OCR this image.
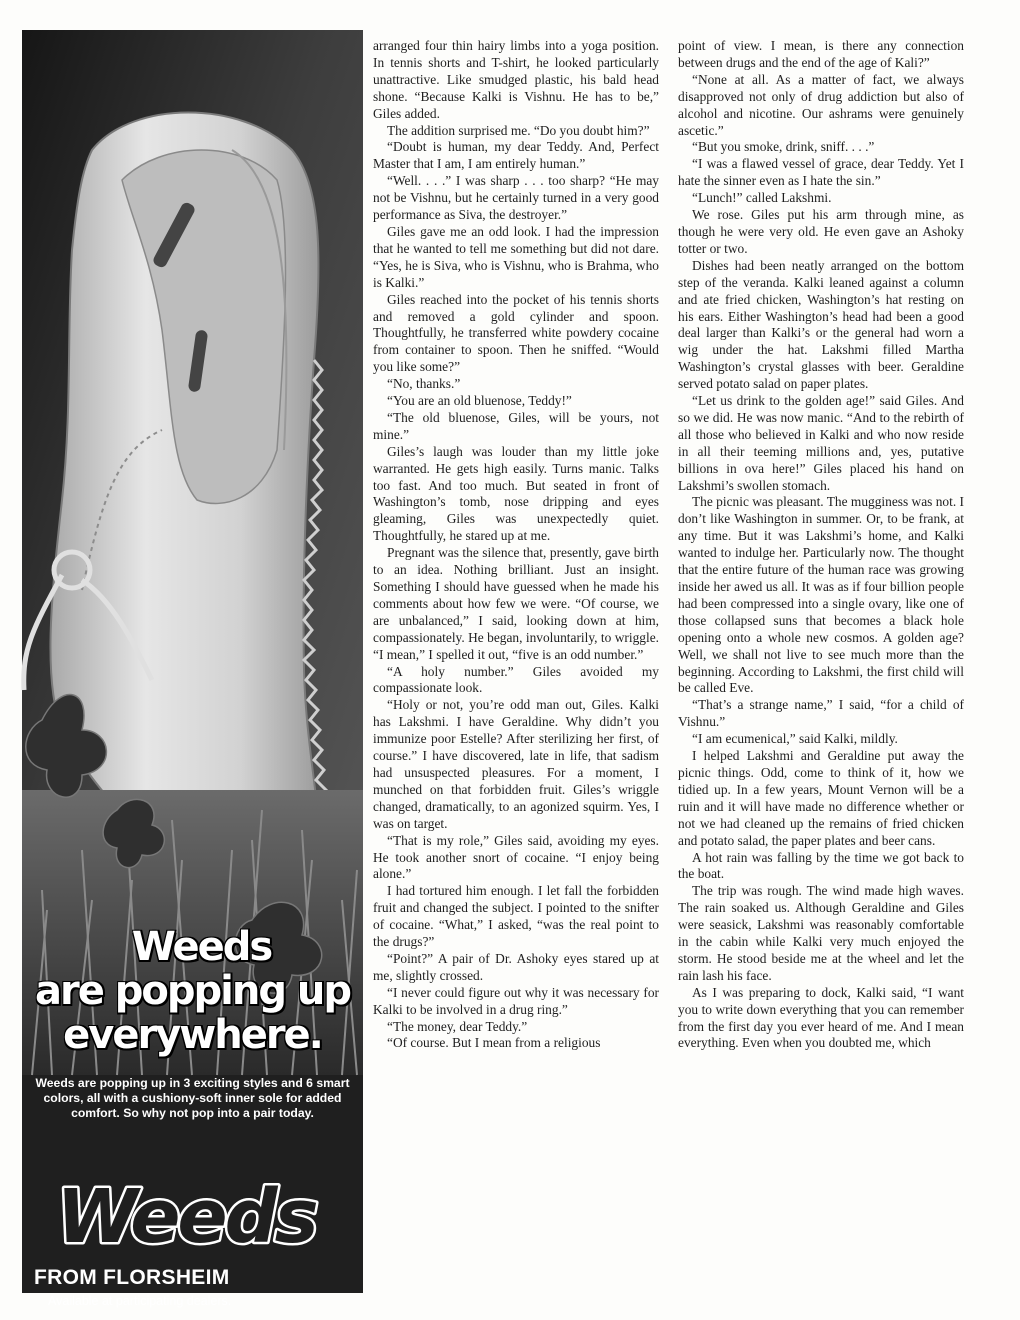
Weeds
are popping up
everywhere.
Weeds are popping up in 3 exciting styles and 6 smart colors, all with a cushiony-soft inner sole for added comfort. So why not pop into a pair today.
Weeds
FROM FLORSHEIM
Available at participating dealers.

arranged four thin hairy limbs into a yoga position. In tennis shorts and T-shirt, he looked particularly unattractive. Like smudged plastic, his bald head shone. “Because Kalki is Vishnu. He has to be,” Giles added.

The addition surprised me. “Do you doubt him?”

“Doubt is human, my dear Teddy. And, Perfect Master that I am, I am entirely human.”

“Well. . . .” I was sharp . . . too sharp? “He may not be Vishnu, but he certainly turned in a very good performance as Siva, the destroyer.”

Giles gave me an odd look. I had the impression that he wanted to tell me something but did not dare. “Yes, he is Siva, who is Vishnu, who is Brahma, who is Kalki.”

Giles reached into the pocket of his tennis shorts and removed a gold cylinder and spoon. Thoughtfully, he transferred white powdery cocaine from container to spoon. Then he sniffed. “Would you like some?”

“No, thanks.”

“You are an old bluenose, Teddy!”

“The old bluenose, Giles, will be yours, not mine.”

Giles’s laugh was louder than my little joke warranted. He gets high easily. Turns manic. Talks too fast. And too much. But seated in front of Washington’s tomb, nose dripping and eyes gleaming, Giles was unexpectedly quiet. Thoughtfully, he stared up at me.

Pregnant was the silence that, presently, gave birth to an idea. Nothing brilliant. Just an insight. Something I should have guessed when he made his comments about how few we were. “Of course, we are unbalanced,” I said, looking down at him, compassionately. He began, involuntarily, to wriggle. “I mean,” I spelled it out, “five is an odd number.”

“A holy number.” Giles avoided my compassionate look.

“Holy or not, you’re odd man out, Giles. Kalki has Lakshmi. I have Geraldine. Why didn’t you immunize poor Estelle? After sterilizing her first, of course.” I have discovered, late in life, that sadism had unsuspected pleasures. For a moment, I munched on that forbidden fruit. Giles’s wriggle changed, dramatically, to an agonized squirm. Yes, I was on target.

“That is my role,” Giles said, avoiding my eyes. He took another snort of cocaine. “I enjoy being alone.”

I had tortured him enough. I let fall the forbidden fruit and changed the subject. I pointed to the snifter of cocaine. “What,” I asked, “was the real point to the drugs?”

“Point?” A pair of Dr. Ashoky eyes stared up at me, slightly crossed.

“I never could figure out why it was necessary for Kalki to be involved in a drug ring.”

“The money, dear Teddy.”

“Of course. But I mean from a religious

point of view. I mean, is there any connection between drugs and the end of the age of Kali?”

“None at all. As a matter of fact, we always disapproved not only of drug addiction but also of alcohol and nicotine. Our ashrams were genuinely ascetic.”

“But you smoke, drink, sniff. . . .”

“I was a flawed vessel of grace, dear Teddy. Yet I hate the sinner even as I hate the sin.”

“Lunch!” called Lakshmi.

We rose. Giles put his arm through mine, as though he were very old. He even gave an Ashoky totter or two.

Dishes had been neatly arranged on the bottom step of the veranda. Kalki leaned against a column and ate fried chicken, Washington’s hat resting on his ears. Either Washington’s head had been a good deal larger than Kalki’s or the general had worn a wig under the hat. Lakshmi filled Martha Washington’s crystal glasses with beer. Geraldine served potato salad on paper plates.

“Let us drink to the golden age!” said Giles. And so we did. He was now manic. “And to the rebirth of all those who believed in Kalki and who now reside in all their teeming millions and, yes, putative billions in ova here!” Giles placed his hand on Lakshmi’s swollen stomach.

The picnic was pleasant. The mugginess was not. I don’t like Washington in summer. Or, to be frank, at any time. But it was Lakshmi’s home, and Kalki wanted to indulge her. Particularly now. The thought that the entire future of the human race was growing inside her awed us all. It was as if four billion people had been compressed into a single ovary, like one of those collapsed suns that becomes a black hole opening onto a whole new cosmos. A golden age? Well, we shall not live to see much more than the beginning. According to Lakshmi, the first child will be called Eve.

“That’s a strange name,” I said, “for a child of Vishnu.”

“I am ecumenical,” said Kalki, mildly.

I helped Lakshmi and Geraldine put away the picnic things. Odd, come to think of it, how we tidied up. In a few years, Mount Vernon will be a ruin and it will have made no difference whether or not we had cleaned up the remains of fried chicken and potato salad, the paper plates and beer cans.

A hot rain was falling by the time we got back to the boat.

The trip was rough. The wind made high waves. The rain soaked us. Although Geraldine and Giles were seasick, Lakshmi was reasonably comfortable in the cabin while Kalki very much enjoyed the storm. He stood beside me at the wheel and let the rain lash his face.

As I was preparing to dock, Kalki said, “I want you to write down everything that you can remember from the first day you ever heard of me. And I mean everything. Even when you doubted me, which
